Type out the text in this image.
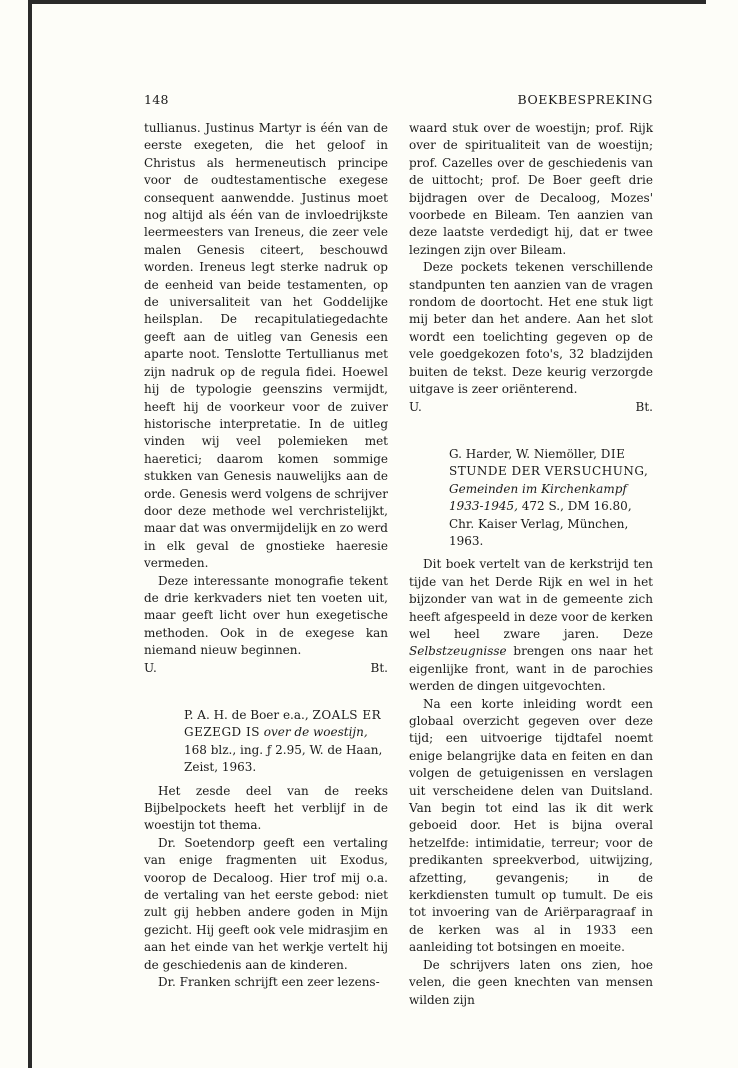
148	BOEKBESPREKING

tullianus. Justinus Martyr is één van de eerste exegeten, die het geloof in Christus als hermeneutisch principe voor de oudtestamentische exegese consequent aanwendde. Justinus moet nog altijd als één van de invloedrijkste leermeesters van Ireneus, die zeer vele malen Genesis citeert, beschouwd worden. Ireneus legt sterke nadruk op de eenheid van beide testamenten, op de universaliteit van het Goddelijke heilsplan. De recapitulatiegedachte geeft aan de uitleg van Genesis een aparte noot. Tenslotte Tertullianus met zijn nadruk op de regula fidei. Hoewel hij de typologie geenszins vermijdt, heeft hij de voorkeur voor de zuiver historische interpretatie. In de uitleg vinden wij veel polemieken met haeretici; daarom komen sommige stukken van Genesis nauwelijks aan de orde. Genesis werd volgens de schrijver door deze methode wel verchristelijkt, maar dat was onvermijdelijk en zo werd in elk geval de gnostieke haeresie vermeden.

Deze interessante monografie tekent de drie kerkvaders niet ten voeten uit, maar geeft licht over hun exegetische methoden. Ook in de exegese kan niemand nieuw beginnen.

U.	Bt.
P. A. H. de Boer e.a., ZOALS ER GEZEGD IS over de woestijn, 168 blz., ing. ƒ 2.95, W. de Haan, Zeist, 1963.

Het zesde deel van de reeks Bijbelpockets heeft het verblijf in de woestijn tot thema.

Dr. Soetendorp geeft een vertaling van enige fragmenten uit Exodus, voorop de Decaloog. Hier trof mij o.a. de vertaling van het eerste gebod: niet zult gij hebben andere goden in Mijn gezicht. Hij geeft ook vele midrasjim en aan het einde van het werkje vertelt hij de geschiedenis aan de kinderen.

Dr. Franken schrijft een zeer lezens-

waard stuk over de woestijn; prof. Rijk over de spiritualiteit van de woestijn; prof. Cazelles over de geschiedenis van de uittocht; prof. De Boer geeft drie bijdragen over de Decaloog, Mozes' voorbede en Bileam. Ten aanzien van deze laatste verdedigt hij, dat er twee lezingen zijn over Bileam.

Deze pockets tekenen verschillende standpunten ten aanzien van de vragen rondom de doortocht. Het ene stuk ligt mij beter dan het andere. Aan het slot wordt een toelichting gegeven op de vele goedgekozen foto's, 32 bladzijden buiten de tekst. Deze keurig verzorgde uitgave is zeer oriënterend.

U.	Bt.
G. Harder, W. Niemöller, DIE STUNDE DER VERSUCHUNG, Gemeinden im Kirchenkampf 1933-1945, 472 S., DM 16.80, Chr. Kaiser Verlag, München, 1963.

Dit boek vertelt van de kerkstrijd ten tijde van het Derde Rijk en wel in het bijzonder van wat in de gemeente zich heeft afgespeeld in deze voor de kerken wel heel zware jaren. Deze Selbstzeugnisse brengen ons naar het eigenlijke front, want in de parochies werden de dingen uitgevochten.

Na een korte inleiding wordt een globaal overzicht gegeven over deze tijd; een uitvoerige tijdtafel noemt enige belangrijke data en feiten en dan volgen de getuigenissen en verslagen uit verscheidene delen van Duitsland. Van begin tot eind las ik dit werk geboeid door. Het is bijna overal hetzelfde: intimidatie, terreur; voor de predikanten spreekverbod, uitwijzing, afzetting, gevangenis; in de kerkdiensten tumult op tumult. De eis tot invoering van de Ariërparagraaf in de kerken was al in 1933 een aanleiding tot botsingen en moeite.

De schrijvers laten ons zien, hoe velen, die geen knechten van mensen wilden zijn
